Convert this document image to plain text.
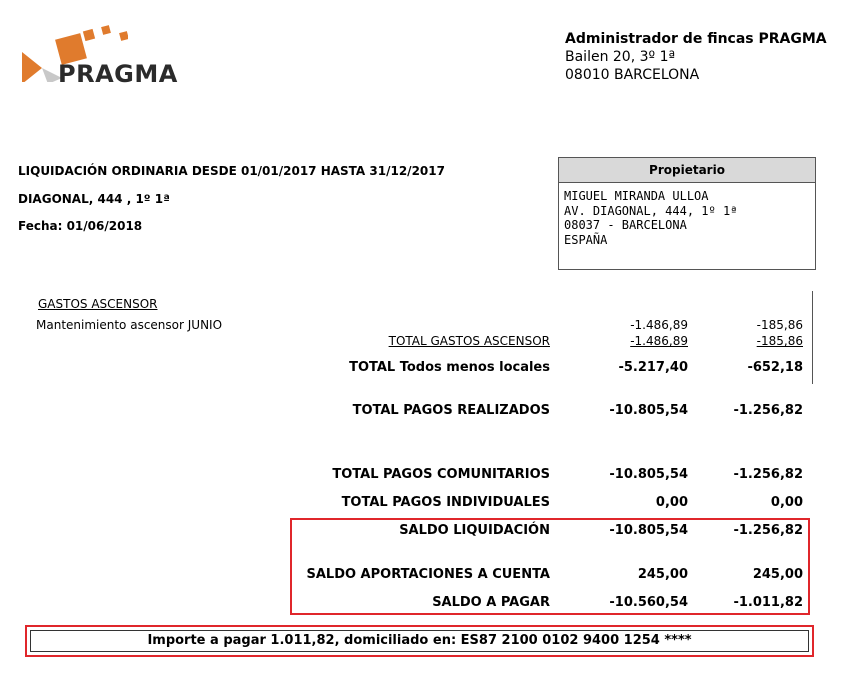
PRAGMA
Administrador de fincas PRAGMA
Bailen 20, 3º 1ª
08010 BARCELONA
LIQUIDACIÓN ORDINARIA DESDE 01/01/2017 HASTA 31/12/2017
DIAGONAL, 444 , 1º 1ª
Fecha: 01/06/2018
Propietario
MIGUEL MIRANDA ULLOA
AV. DIAGONAL, 444, 1º 1ª
08037 - BARCELONA
ESPAÑA
GASTOS ASCENSOR
Mantenimiento ascensor JUNIO	-1.486,89	-185,86
TOTAL GASTOS ASCENSOR	-1.486,89	-185,86
TOTAL Todos menos locales	-5.217,40	-652,18
TOTAL PAGOS REALIZADOS	-10.805,54	-1.256,82
TOTAL PAGOS COMUNITARIOS	-10.805,54	-1.256,82
TOTAL PAGOS INDIVIDUALES	0,00	0,00
SALDO LIQUIDACIÓN	-10.805,54	-1.256,82
SALDO APORTACIONES A CUENTA	245,00	245,00
SALDO A PAGAR	-10.560,54	-1.011,82
Importe a pagar 1.011,82, domiciliado en: ES87 2100 0102 9400 1254 ****
